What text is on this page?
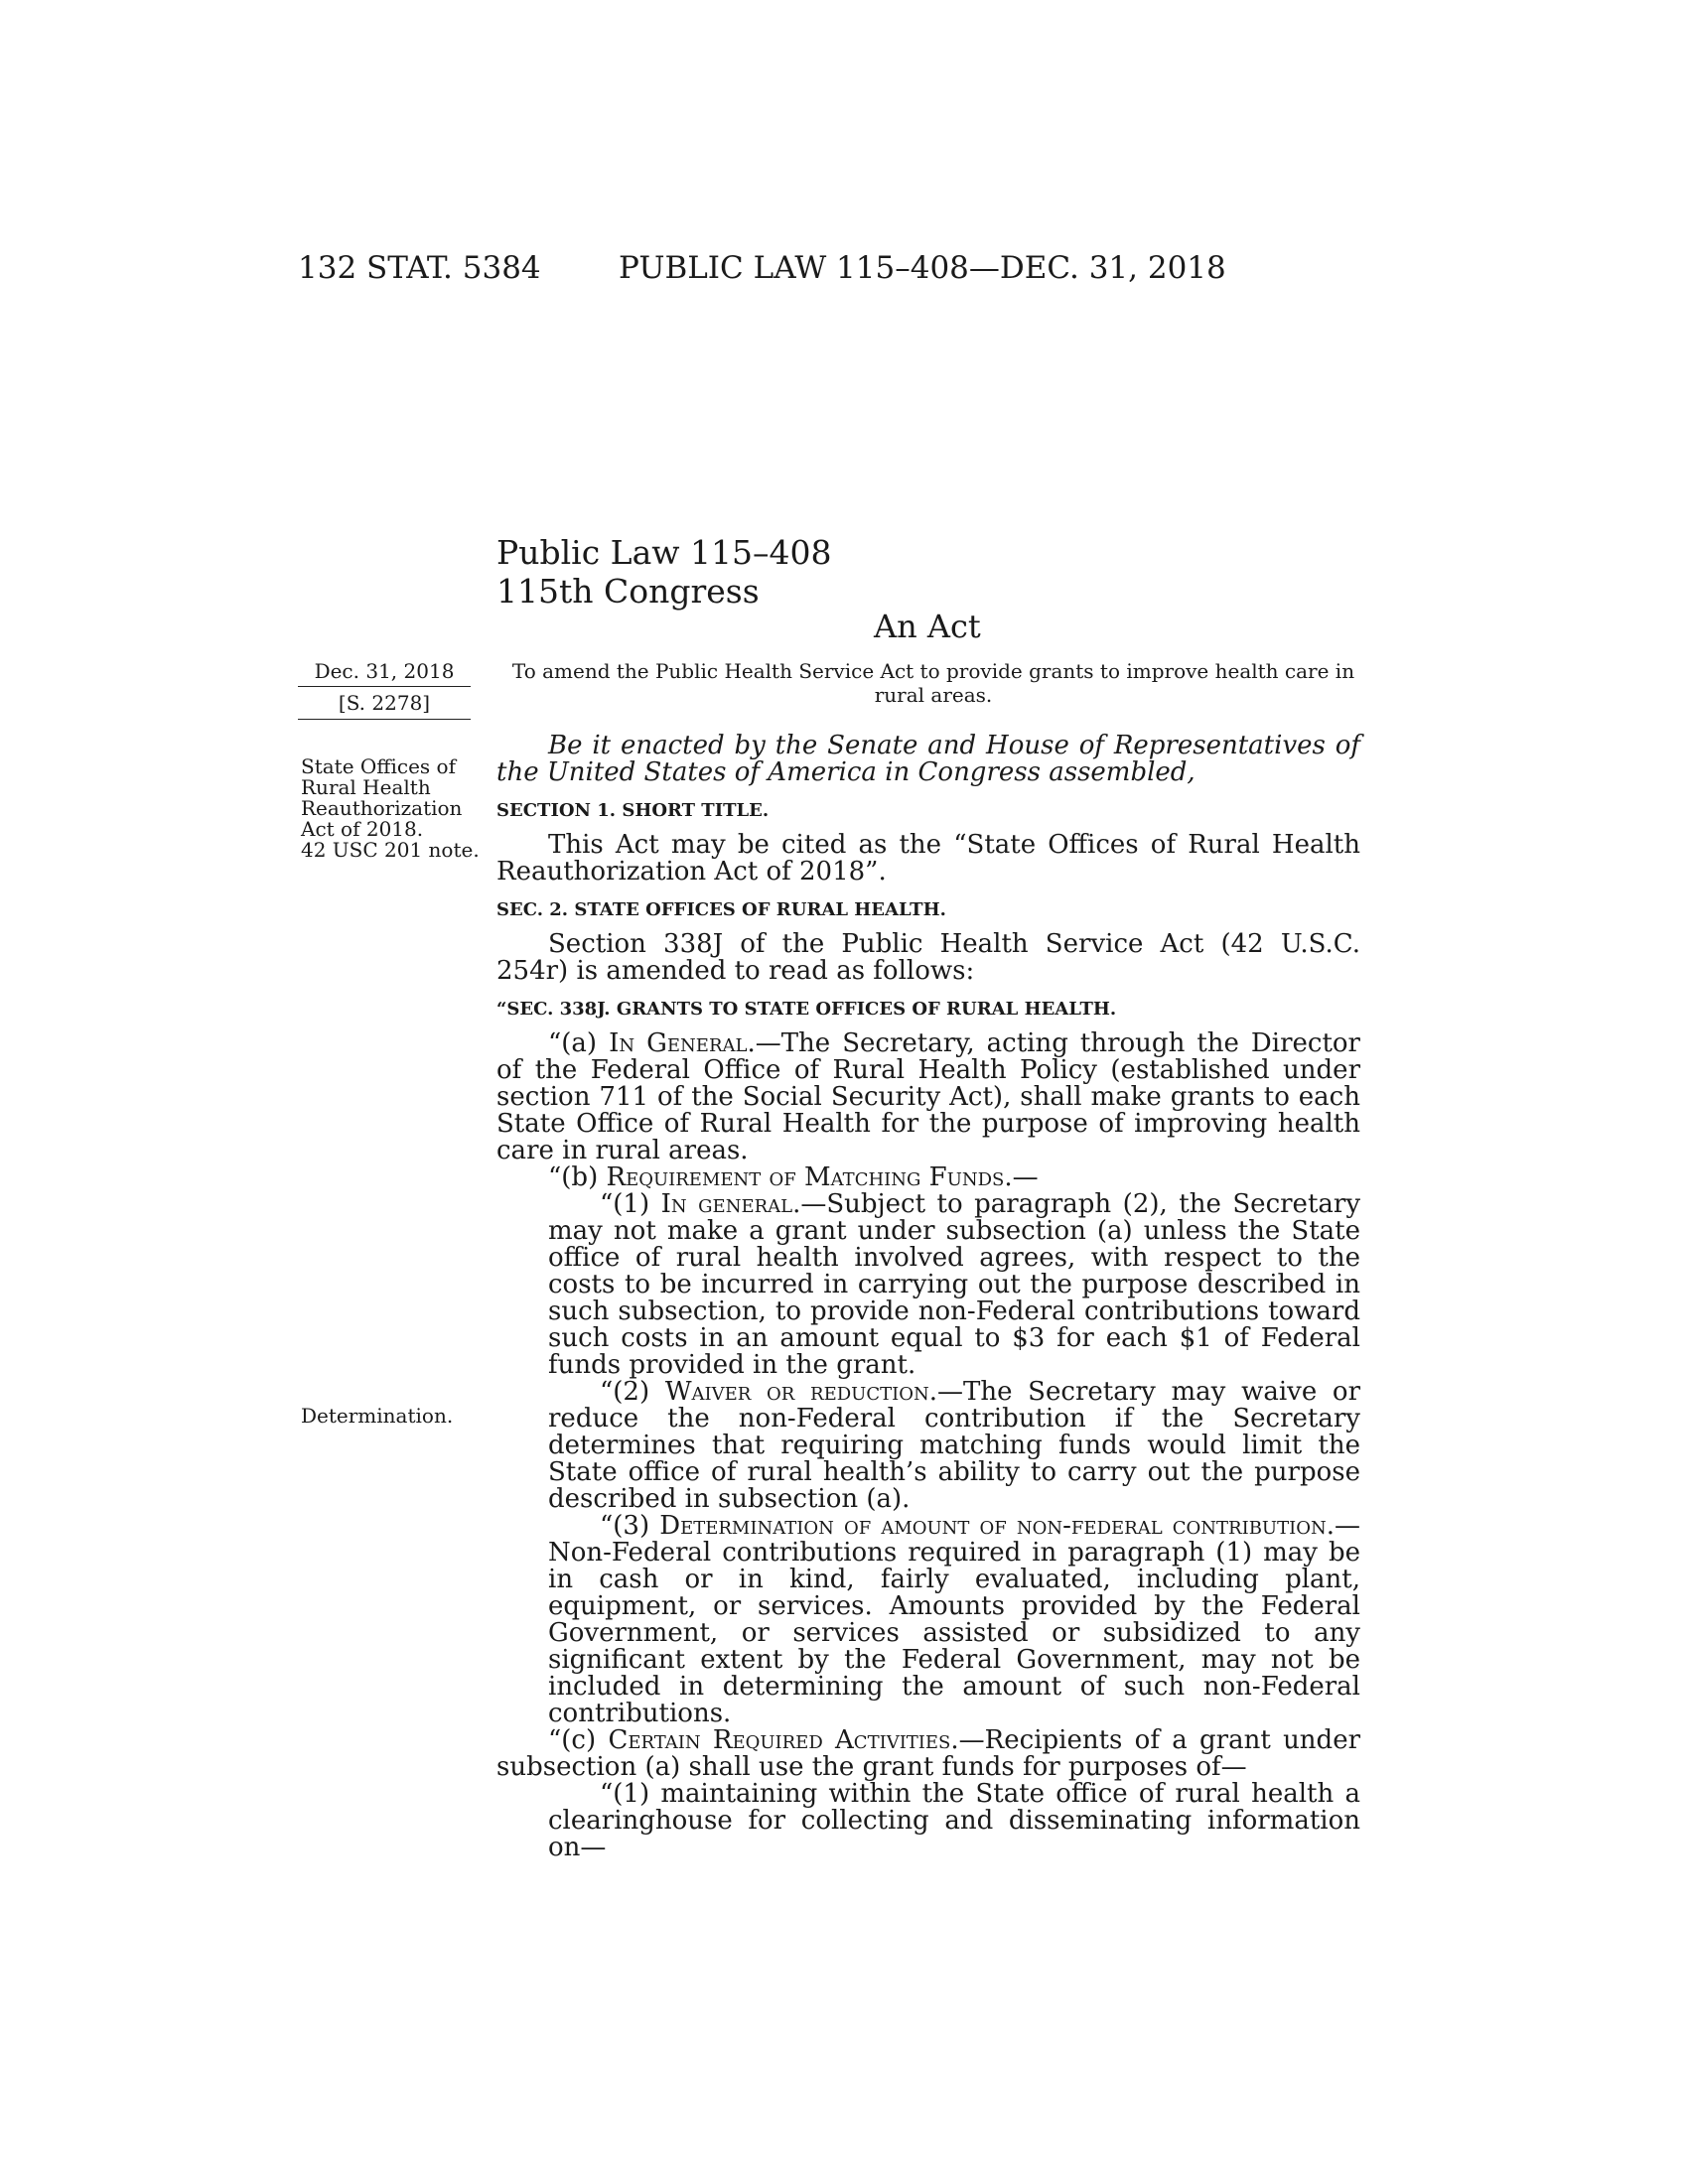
132 STAT. 5384	PUBLIC LAW 115–408—DEC. 31, 2018
Public Law 115–408
115th Congress
An Act
Dec. 31, 2018
[S. 2278]
State Offices of
Rural Health
Reauthorization
Act of 2018.
42 USC 201 note.
Determination.
To amend the Public Health Service Act to provide grants to improve health care in rural areas.

Be it enacted by the Senate and House of Representatives of the United States of America in Congress assembled,

SECTION 1. SHORT TITLE.

This Act may be cited as the “State Offices of Rural Health Reauthorization Act of 2018”.

SEC. 2. STATE OFFICES OF RURAL HEALTH.

Section 338J of the Public Health Service Act (42 U.S.C. 254r) is amended to read as follows:

“SEC. 338J. GRANTS TO STATE OFFICES OF RURAL HEALTH.

“(a) In General.—The Secretary, acting through the Director of the Federal Office of Rural Health Policy (established under section 711 of the Social Security Act), shall make grants to each State Office of Rural Health for the purpose of improving health care in rural areas.

“(b) Requirement of Matching Funds.—

“(1) In general.—Subject to paragraph (2), the Secretary may not make a grant under subsection (a) unless the State office of rural health involved agrees, with respect to the costs to be incurred in carrying out the purpose described in such subsection, to provide non-Federal contributions toward such costs in an amount equal to $3 for each $1 of Federal funds provided in the grant.

“(2) Waiver or reduction.—The Secretary may waive or reduce the non-Federal contribution if the Secretary determines that requiring matching funds would limit the State office of rural health’s ability to carry out the purpose described in subsection (a).

“(3) Determination of amount of non-federal contribution.—Non-Federal contributions required in paragraph (1) may be in cash or in kind, fairly evaluated, including plant, equipment, or services. Amounts provided by the Federal Government, or services assisted or subsidized to any significant extent by the Federal Government, may not be included in determining the amount of such non-Federal contributions.

“(c) Certain Required Activities.—Recipients of a grant under subsection (a) shall use the grant funds for purposes of—

“(1) maintaining within the State office of rural health a clearinghouse for collecting and disseminating information on—
